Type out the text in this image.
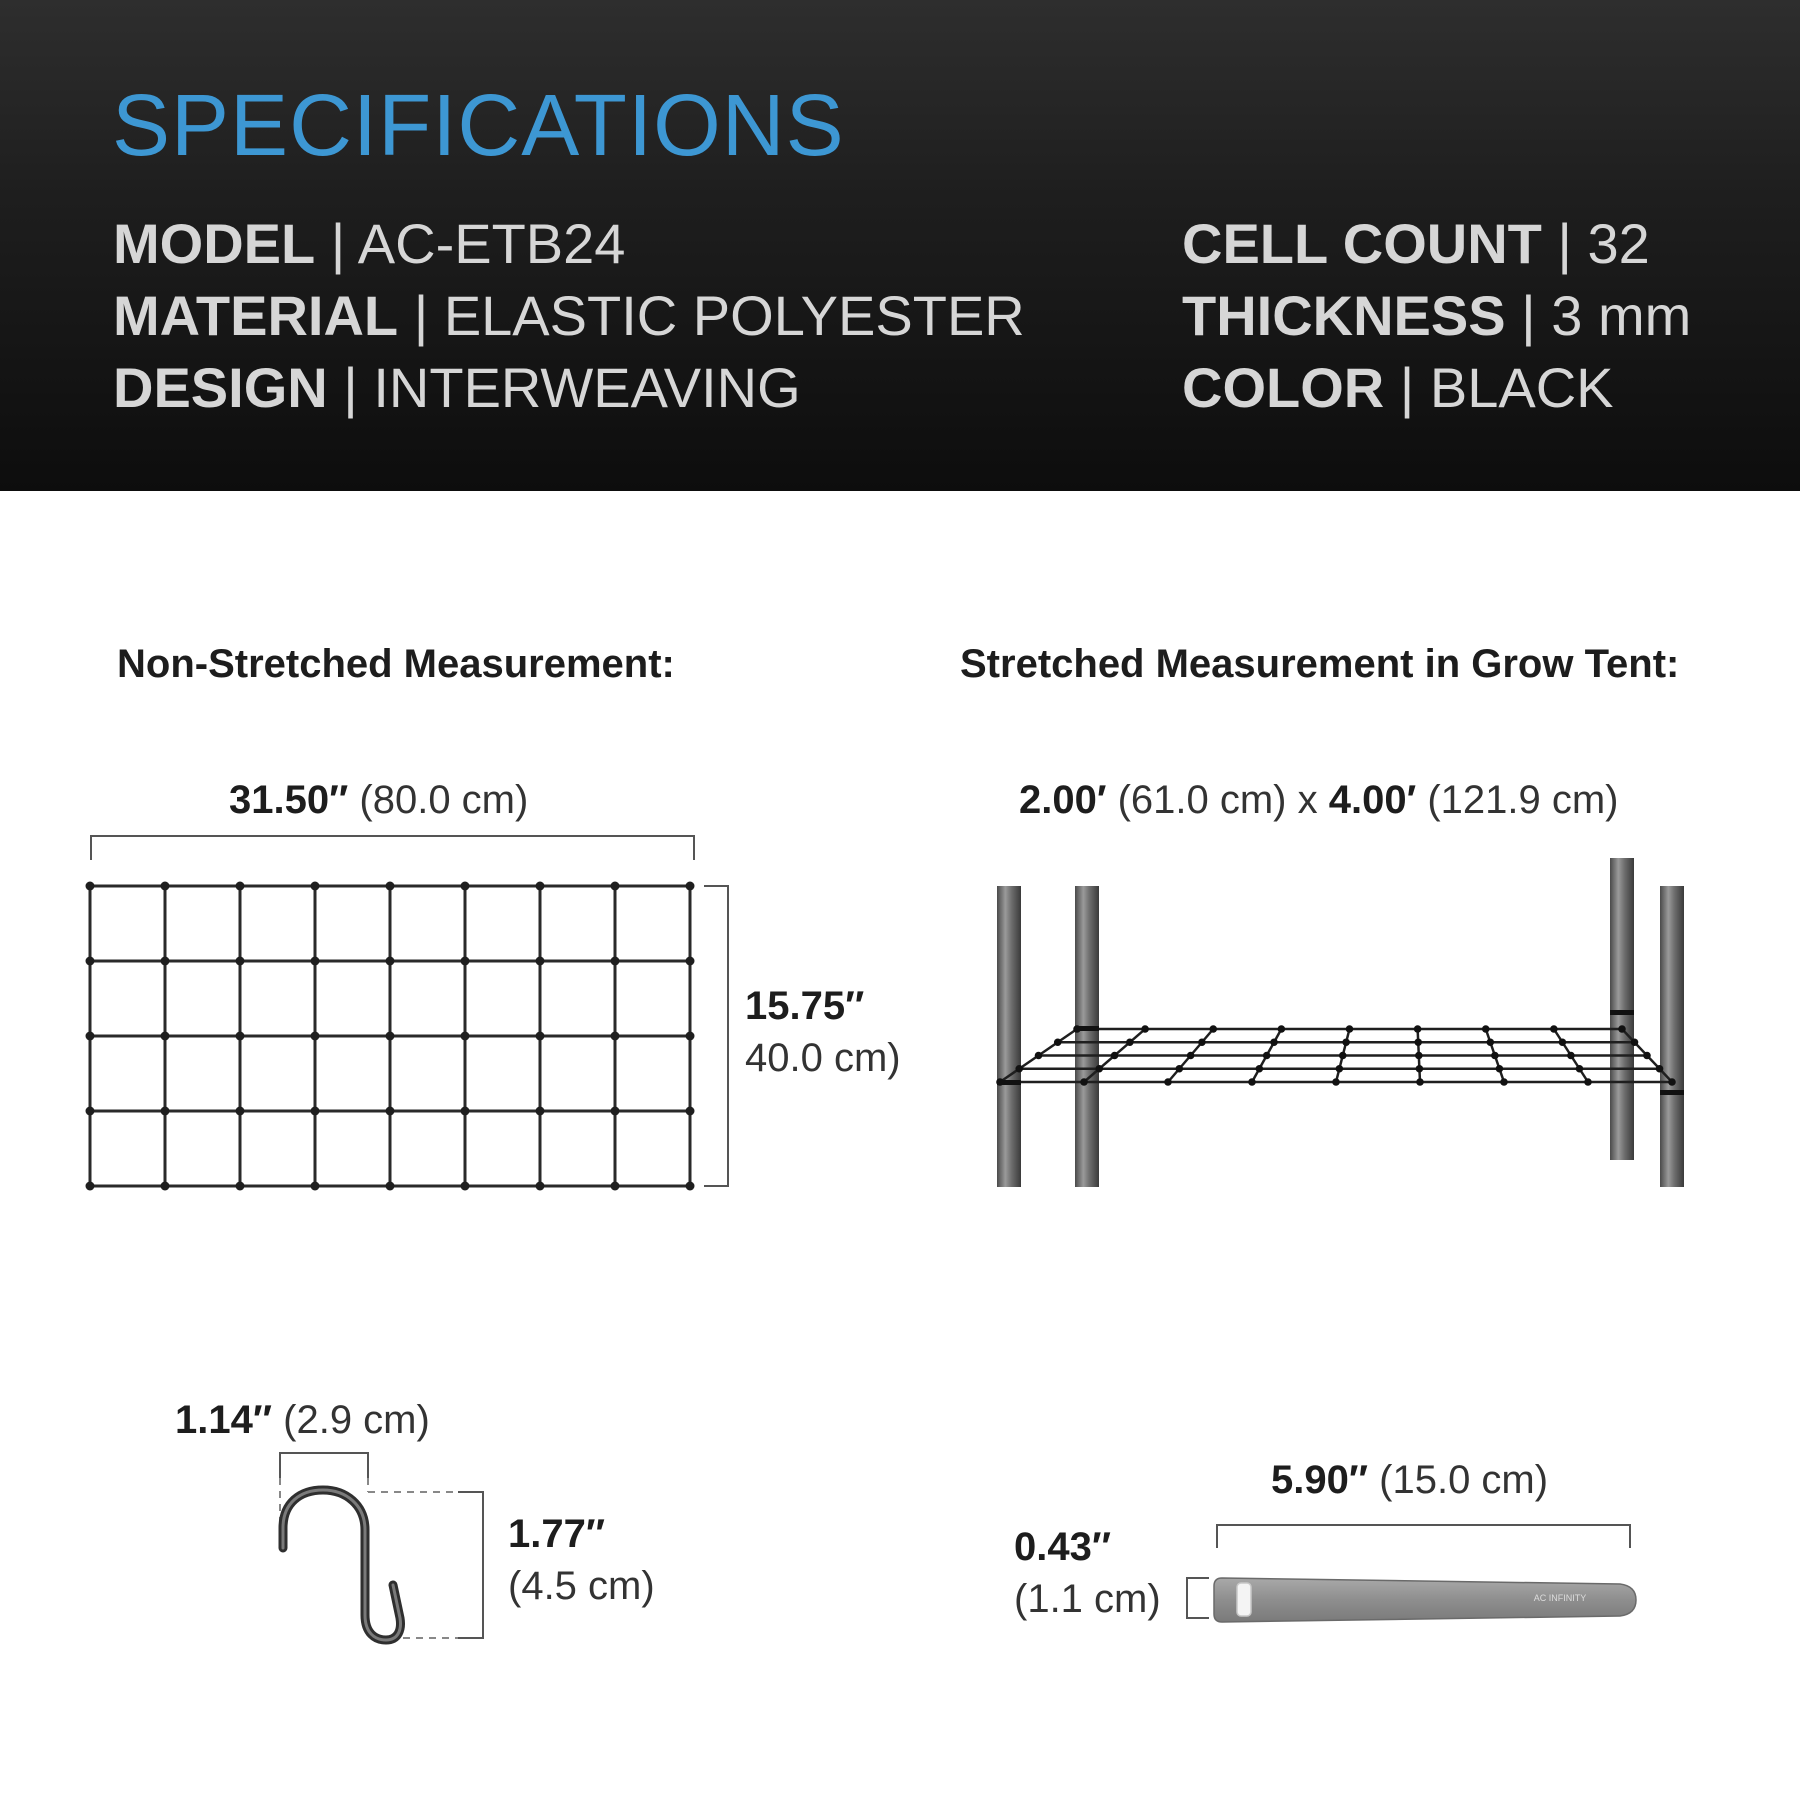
SPECIFICATIONS
MODEL | AC-ETB24
MATERIAL | ELASTIC POLYESTER
DESIGN | INTERWEAVING
CELL COUNT | 32
THICKNESS | 3 mm
COLOR | BLACK
Non-Stretched Measurement:	Stretched Measurement in Grow Tent:
31.50″ (80.0 cm)
15.75″
40.0 cm)
2.00′ (61.0 cm) x 4.00′ (121.9 cm)
1.14″ (2.9 cm)
1.77″
(4.5 cm)
5.90″ (15.0 cm)
0.43″
(1.1 cm)	AC INFINITY
